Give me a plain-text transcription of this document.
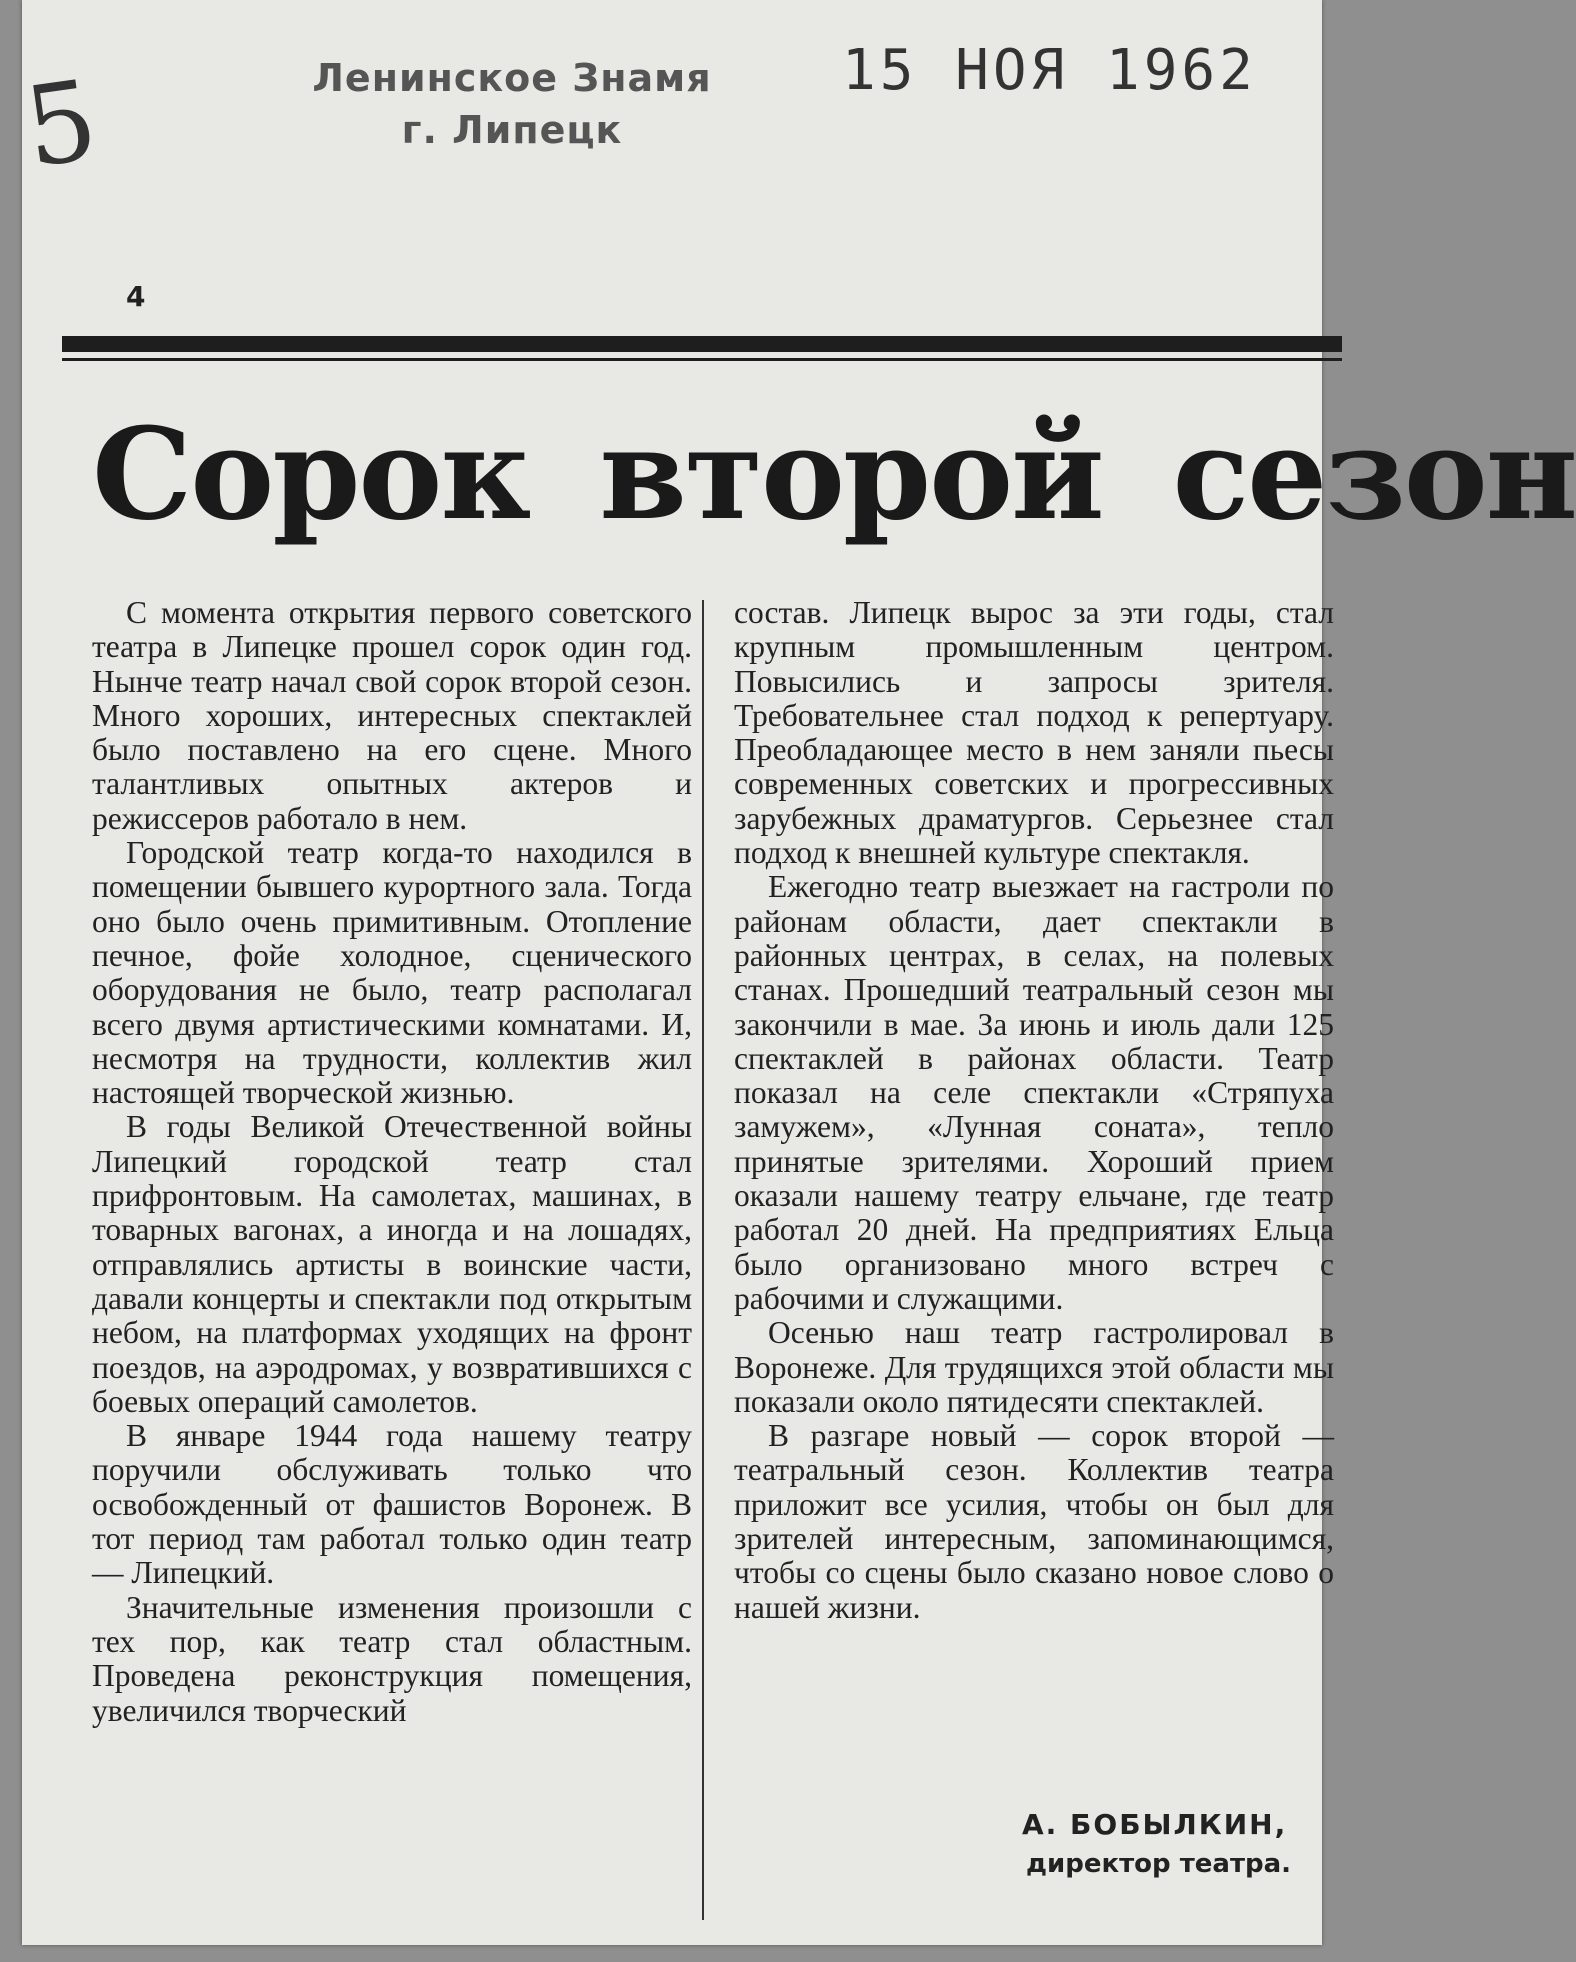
5	Ленинское Знамя
г. Липецк
15 НОЯ 1962
4
Сорок второй сезон

С момента открытия первого советского театра в Липецке прошел сорок один год. Нынче театр начал свой сорок второй сезон. Много хороших, интересных спектаклей было поставлено на его сцене. Много талантливых опытных актеров и режиссеров работало в нем.

Городской театр когда-то находился в помещении бывшего курортного зала. Тогда оно было очень примитивным. Отопление печное, фойе холодное, сценического оборудования не было, театр располагал всего двумя артистическими комнатами. И, несмотря на трудности, коллектив жил настоящей творческой жизнью.

В годы Великой Отечественной войны Липецкий городской театр стал прифронтовым. На самолетах, машинах, в товарных вагонах, а иногда и на лошадях, отправлялись артисты в воинские части, давали концерты и спектакли под открытым небом, на платформах уходящих на фронт поездов, на аэродромах, у возвратившихся с боевых операций самолетов.

В январе 1944 года нашему театру поручили обслуживать только что освобожденный от фашистов Воронеж. В тот период там работал только один театр — Липецкий.

Значительные изменения произошли с тех пор, как театр стал областным. Проведена реконструкция помещения, увеличился творческий

состав. Липецк вырос за эти годы, стал крупным промышленным центром. Повысились и запросы зрителя. Требовательнее стал подход к репертуару. Преобладающее место в нем заняли пьесы современных советских и прогрессивных зарубежных драматургов. Серьезнее стал подход к внешней культуре спектакля.

Ежегодно театр выезжает на гастроли по районам области, дает спектакли в районных центрах, в селах, на полевых станах. Прошедший театральный сезон мы закончили в мае. За июнь и июль дали 125 спектаклей в районах области. Театр показал на селе спектакли «Стряпуха замужем», «Лунная соната», тепло принятые зрителями. Хороший прием оказали нашему театру ельчане, где театр работал 20 дней. На предприятиях Ельца было организовано много встреч с рабочими и служащими.

Осенью наш театр гастролировал в Воронеже. Для трудящихся этой области мы показали около пятидесяти спектаклей.

В разгаре новый — сорок второй — театральный сезон. Коллектив театра приложит все усилия, чтобы он был для зрителей интересным, запоминающимся, чтобы со сцены было сказано новое слово о нашей жизни.

А. БОБЫЛКИН,
директор театра.
